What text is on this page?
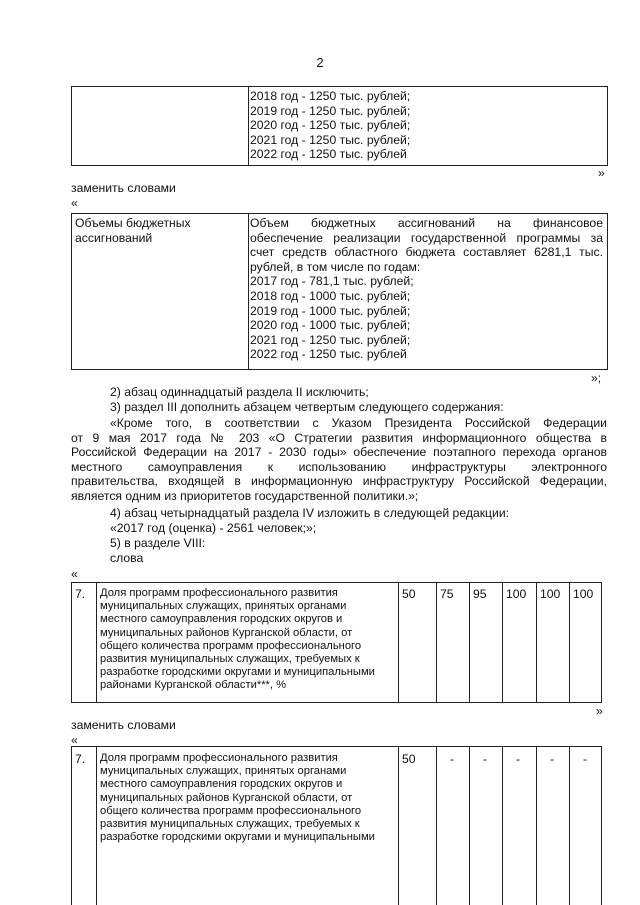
2
2018 год - 1250 тыс. рублей;
2019 год - 1250 тыс. рублей;
2020 год - 1250 тыс. рублей;
2021 год - 1250 тыс. рублей;
2022 год - 1250 тыс. рублей
»
заменить словами
«
Объемы бюджетных
ассигнований
Объем бюджетных ассигнований на финансовое
обеспечение реализации государственной программы за
счет средств областного бюджета составляет 6281,1 тыс.
рублей, в том числе по годам:
2017 год - 781,1 тыс. рублей;
2018 год - 1000 тыс. рублей;
2019 год - 1000 тыс. рублей;
2020 год - 1000 тыс. рублей;
2021 год - 1250 тыс. рублей;
2022 год - 1250 тыс. рублей
»;
2) абзац одиннадцатый раздела II исключить;
3) раздел III дополнить абзацем четвертым следующего содержания:
«Кроме того, в соответствии с Указом Президента Российской Федерации
от 9 мая 2017 года № 203 «О Стратегии развития информационного общества в
Российской Федерации на 2017 - 2030 годы» обеспечение поэтапного перехода органов
местного самоуправления к использованию инфраструктуры электронного
правительства, входящей в информационную инфраструктуру Российской Федерации,
является одним из приоритетов государственной политики.»;
4) абзац четырнадцатый раздела IV изложить в следующей редакции:
«2017 год (оценка) - 2561 человек;»;
5) в разделе VIII:
слова
«
7. Доля программ профессионального развития
муниципальных служащих, принятых органами
местного самоуправления городских округов и
муниципальных районов Курганской области, от
общего количества программ профессионального
развития муниципальных служащих, требуемых к
разработке городскими округами и муниципальными
районами Курганской области***, %
50 75 95 100 100 100
»
заменить словами
«
7. Доля программ профессионального развития
муниципальных служащих, принятых органами
местного самоуправления городских округов и
муниципальных районов Курганской области, от
общего количества программ профессионального
развития муниципальных служащих, требуемых к
разработке городскими округами и муниципальными
50	- - - - -
